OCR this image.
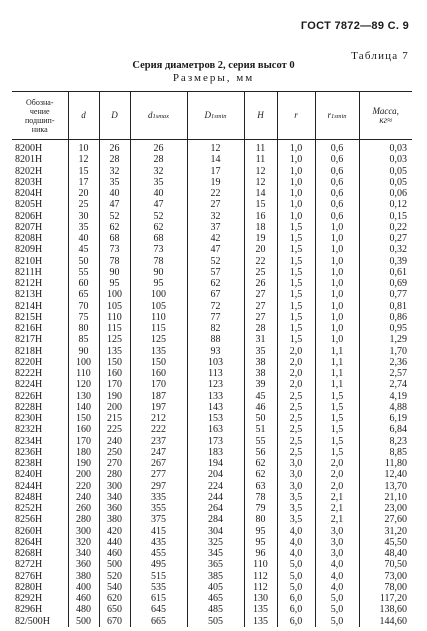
ГОСТ 7872—89 С. 9
Таблица 7
Серия диаметров 2, серия высот 0
Размеры, мм
Обозна-
чение
подшип-
ника	d	D	d1smax	D1smin	H	r	r1smin	Масса,
кг≈
8200H	10	26	26	12	11	1,0	0,6	0,03
8201H	12	28	28	14	11	1,0	0,6	0,03
8202H	15	32	32	17	12	1,0	0,6	0,05
8203H	17	35	35	19	12	1,0	0,6	0,05
8204H	20	40	40	22	14	1,0	0,6	0,06
8205H	25	47	47	27	15	1,0	0,6	0,12
8206H	30	52	52	32	16	1,0	0,6	0,15
8207H	35	62	62	37	18	1,5	1,0	0,22
8208H	40	68	68	42	19	1,5	1,0	0,27
8209H	45	73	73	47	20	1,5	1,0	0,32
8210H	50	78	78	52	22	1,5	1,0	0,39
8211H	55	90	90	57	25	1,5	1,0	0,61
8212H	60	95	95	62	26	1,5	1,0	0,69
8213H	65	100	100	67	27	1,5	1,0	0,77
8214H	70	105	105	72	27	1,5	1,0	0,81
8215H	75	110	110	77	27	1,5	1,0	0,86
8216H	80	115	115	82	28	1,5	1,0	0,95
8217H	85	125	125	88	31	1,5	1,0	1,29
8218H	90	135	135	93	35	2,0	1,1	1,70
8220H	100	150	150	103	38	2,0	1,1	2,36
8222H	110	160	160	113	38	2,0	1,1	2,57
8224H	120	170	170	123	39	2,0	1,1	2,74
8226H	130	190	187	133	45	2,5	1,5	4,19
8228H	140	200	197	143	46	2,5	1,5	4,88
8230H	150	215	212	153	50	2,5	1,5	6,19
8232H	160	225	222	163	51	2,5	1,5	6,84
8234H	170	240	237	173	55	2,5	1,5	8,23
8236H	180	250	247	183	56	2,5	1,5	8,85
8238H	190	270	267	194	62	3,0	2,0	11,80
8240H	200	280	277	204	62	3,0	2,0	12,40
8244H	220	300	297	224	63	3,0	2,0	13,70
8248H	240	340	335	244	78	3,5	2,1	21,10
8252H	260	360	355	264	79	3,5	2,1	23,00
8256H	280	380	375	284	80	3,5	2,1	27,60
8260H	300	420	415	304	95	4,0	3,0	31,20
8264H	320	440	435	325	95	4,0	3,0	45,50
8268H	340	460	455	345	96	4,0	3,0	48,40
8272H	360	500	495	365	110	5,0	4,0	70,50
8276H	380	520	515	385	112	5,0	4,0	73,00
8280H	400	540	535	405	112	5,0	4,0	78,00
8292H	460	620	615	465	130	6,0	5,0	117,20
8296H	480	650	645	485	135	6,0	5,0	138,60
82/500H	500	670	665	505	135	6,0	5,0	144,60
